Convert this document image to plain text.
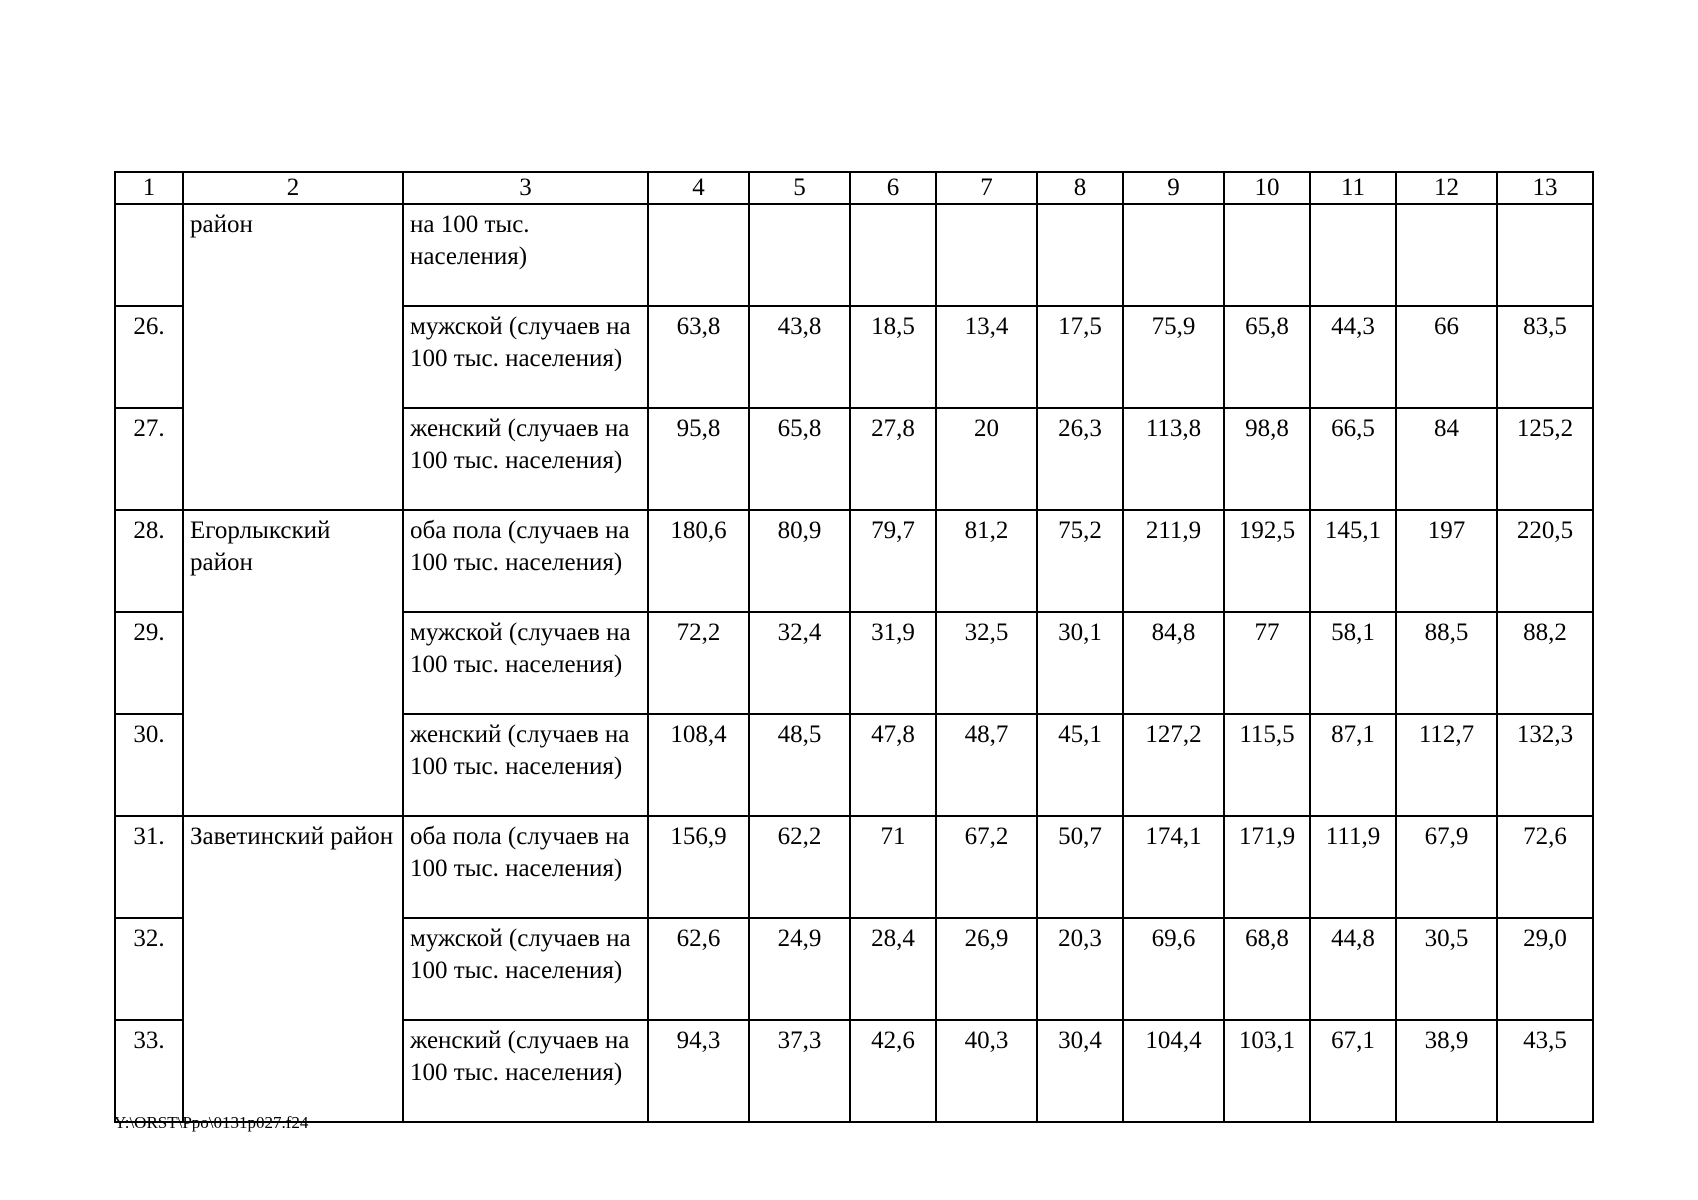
1	2	3	4	5	6	7	8	9	10	11	12	13
	район	на 100 тыс. населения)										
26.		мужской (случаев на 100 тыс. населения)	63,8	43,8	18,5	13,4	17,5	75,9	65,8	44,3	66	83,5
27.		женский (случаев на 100 тыс. населения)	95,8	65,8	27,8	20	26,3	113,8	98,8	66,5	84	125,2
28.	Егорлыкский район	оба пола (случаев на 100 тыс. населения)	180,6	80,9	79,7	81,2	75,2	211,9	192,5	145,1	197	220,5
29.		мужской (случаев на 100 тыс. населения)	72,2	32,4	31,9	32,5	30,1	84,8	77	58,1	88,5	88,2
30.		женский (случаев на 100 тыс. населения)	108,4	48,5	47,8	48,7	45,1	127,2	115,5	87,1	112,7	132,3
31.	Заветинский район	оба пола (случаев на 100 тыс. населения)	156,9	62,2	71	67,2	50,7	174,1	171,9	111,9	67,9	72,6
32.		мужской (случаев на 100 тыс. населения)	62,6	24,9	28,4	26,9	20,3	69,6	68,8	44,8	30,5	29,0
33.		женский (случаев на 100 тыс. населения)	94,3	37,3	42,6	40,3	30,4	104,4	103,1	67,1	38,9	43,5
Y:\ORST\Ppo\0131p027.f24
